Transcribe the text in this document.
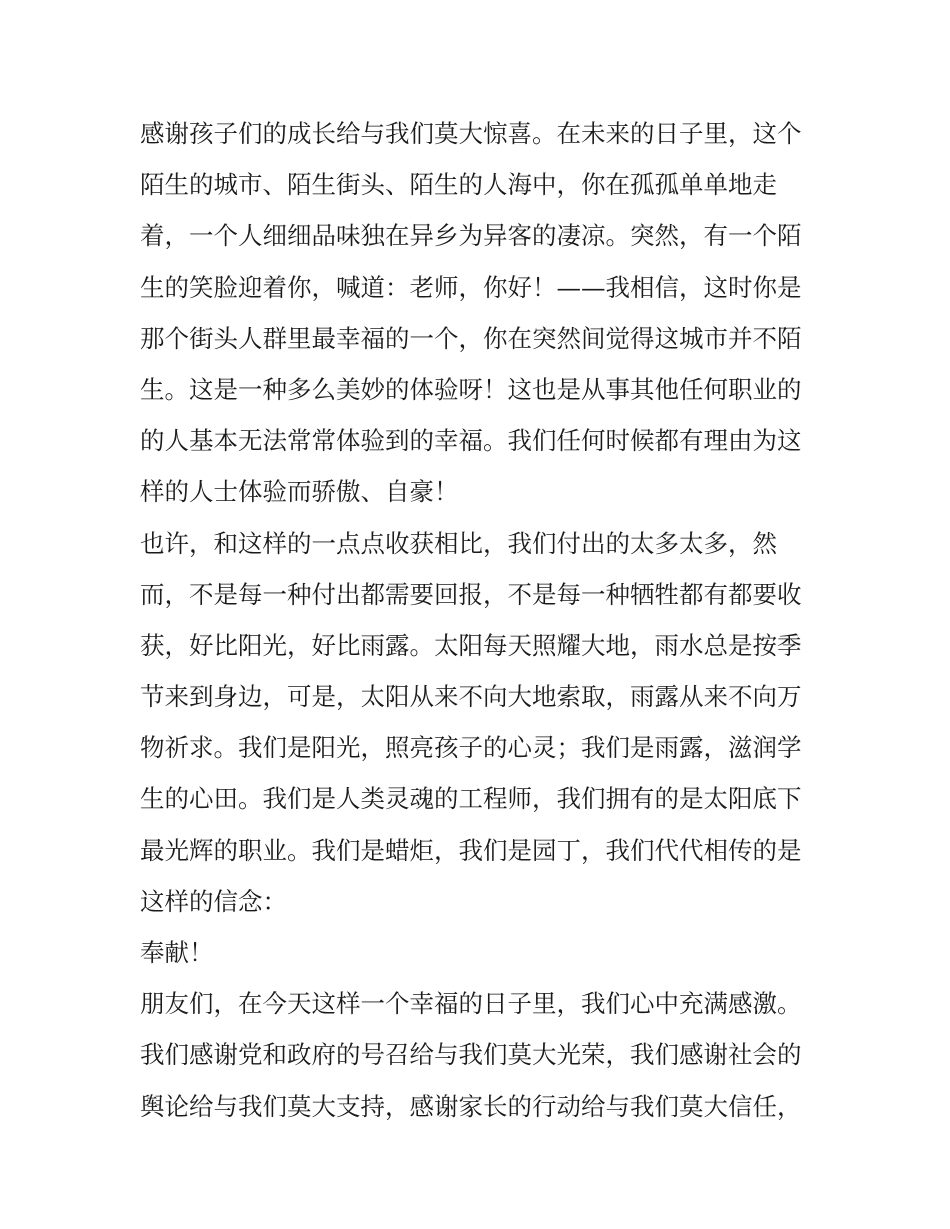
感谢孩子们的成长给与我们莫大惊喜。在未来的日子里，这个
陌生的城市、陌生街头、陌生的人海中，你在孤孤单单地走
着，一个人细细品味独在异乡为异客的凄凉。突然，有一个陌
生的笑脸迎着你，喊道：老师，你好！——我相信，这时你是
那个街头人群里最幸福的一个，你在突然间觉得这城市并不陌
生。这是一种多么美妙的体验呀！这也是从事其他任何职业的
的人基本无法常常体验到的幸福。我们任何时候都有理由为这
样的人士体验而骄傲、自豪！
也许，和这样的一点点收获相比，我们付出的太多太多，然
而，不是每一种付出都需要回报，不是每一种牺牲都有都要收
获，好比阳光，好比雨露。太阳每天照耀大地，雨水总是按季
节来到身边，可是，太阳从来不向大地索取，雨露从来不向万
物祈求。我们是阳光，照亮孩子的心灵；我们是雨露，滋润学
生的心田。我们是人类灵魂的工程师，我们拥有的是太阳底下
最光辉的职业。我们是蜡炬，我们是园丁，我们代代相传的是
这样的信念：
奉献！
朋友们，在今天这样一个幸福的日子里，我们心中充满感激。
我们感谢党和政府的号召给与我们莫大光荣，我们感谢社会的
舆论给与我们莫大支持，感谢家长的行动给与我们莫大信任，
